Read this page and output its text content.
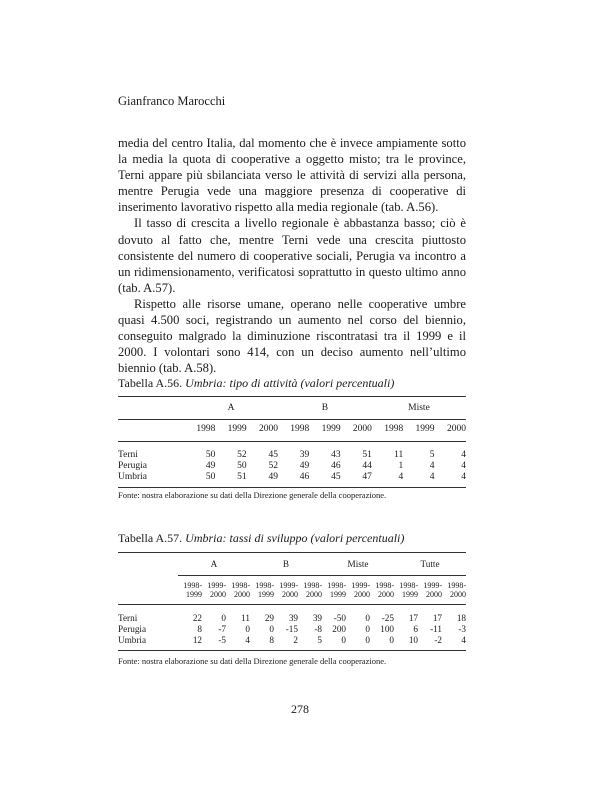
Gianfranco Marocchi

media del centro Italia, dal momento che è invece ampiamente sotto la media la quota di cooperative a oggetto misto; tra le province, Terni appare più sbilanciata verso le attività di servizi alla persona, mentre Perugia vede una maggiore presenza di cooperative di inserimento lavorativo rispetto alla media regionale (tab. A.56).

Il tasso di crescita a livello regionale è abbastanza basso; ciò è dovuto al fatto che, mentre Terni vede una crescita piuttosto consistente del numero di cooperative sociali, Perugia va incontro a un ridimensionamento, verificatosi soprattutto in questo ultimo anno (tab. A.57).

Rispetto alle risorse umane, operano nelle cooperative umbre quasi 4.500 soci, registrando un aumento nel corso del biennio, conseguito malgrado la diminuzione riscontratasi tra il 1999 e il 2000. I volontari sono 414, con un deciso aumento nell’ultimo biennio (tab. A.58).

Tabella A.56. Umbria: tipo di attività (valori percentuali)

	A			B			Miste		

	1998	1999	2000	1998	1999	2000	1998	1999	2000

Terni	50	52	45	39	43	51	11	5	4
Perugia	49	50	52	49	46	44	1	4	4
Umbria	50	51	49	46	45	47	4	4	4

Fonte: nostra elaborazione su dati della Direzione generale della cooperazione.
Tabella A.57. Umbria: tassi di sviluppo (valori percentuali)

	A			B			Miste			Tutte		

	1998-	1999-	1998-	1998-	1999-	1998-	1998-	1999-	1998-	1998-	1999-	1998-
	1999	2000	2000	1999	2000	2000	1999	2000	2000	1999	2000	2000

Terni	22	0	11	29	39	39	-50	0	-25	17	17	18
Perugia	8	-7	0	0	-15	-8	200	0	100	6	-11	-3
Umbria	12	-5	4	8	2	5	0	0	0	10	-2	4

Fonte: nostra elaborazione su dati della Direzione generale della cooperazione.
278
